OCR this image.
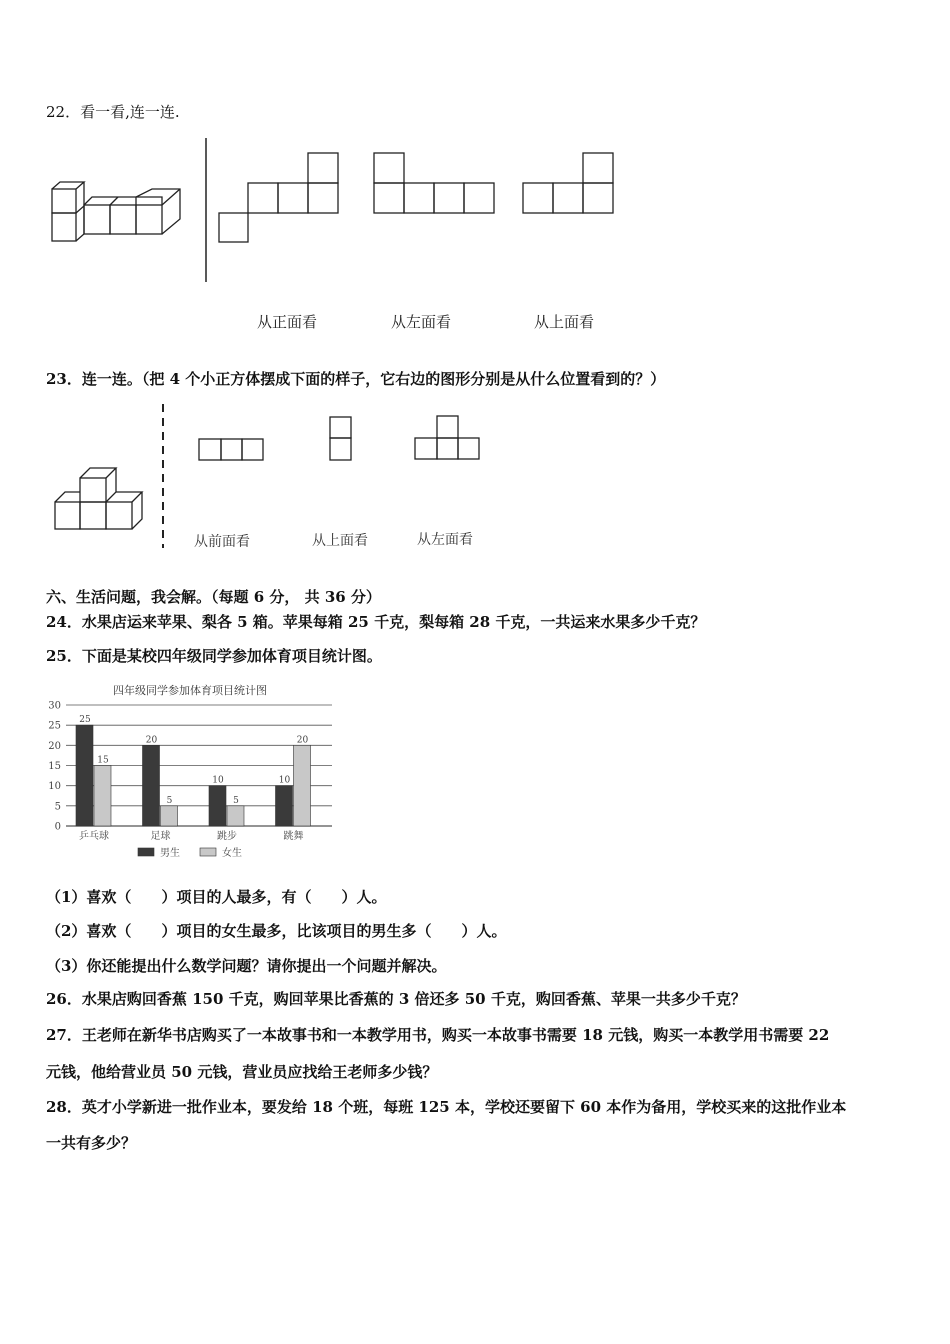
22．看一看,连一连.
从正面看	从左面看	从上面看
23．连一连。（把 4 个小正方体摆成下面的样子，它右边的图形分别是从什么位置看到的？）
从前面看	从上面看	从左面看
六、生活问题，我会解。（每题 6 分， 共 36 分）
24．水果店运来苹果、梨各 5 箱。苹果每箱 25 千克，梨每箱 28 千克，一共运来水果多少千克？
25．下面是某校四年级同学参加体育项目统计图。
四年级同学参加体育项目统计图
0
5
10
15
20
25
30
25
15
20
5
10
5
10
20
乒乓球	足球	跳步	跳舞
男生	女生
（1）喜欢（　　）项目的人最多，有（　　）人。
（2）喜欢（　　）项目的女生最多，比该项目的男生多（　　）人。
（3）你还能提出什么数学问题？请你提出一个问题并解决。
26．水果店购回香蕉 150 千克，购回苹果比香蕉的 3 倍还多 50 千克，购回香蕉、苹果一共多少千克？
27．王老师在新华书店购买了一本故事书和一本教学用书，购买一本故事书需要 18 元钱，购买一本教学用书需要 22
元钱，他给营业员 50 元钱，营业员应找给王老师多少钱？
28．英才小学新进一批作业本，要发给 18 个班，每班 125 本，学校还要留下 60 本作为备用，学校买来的这批作业本
一共有多少？
